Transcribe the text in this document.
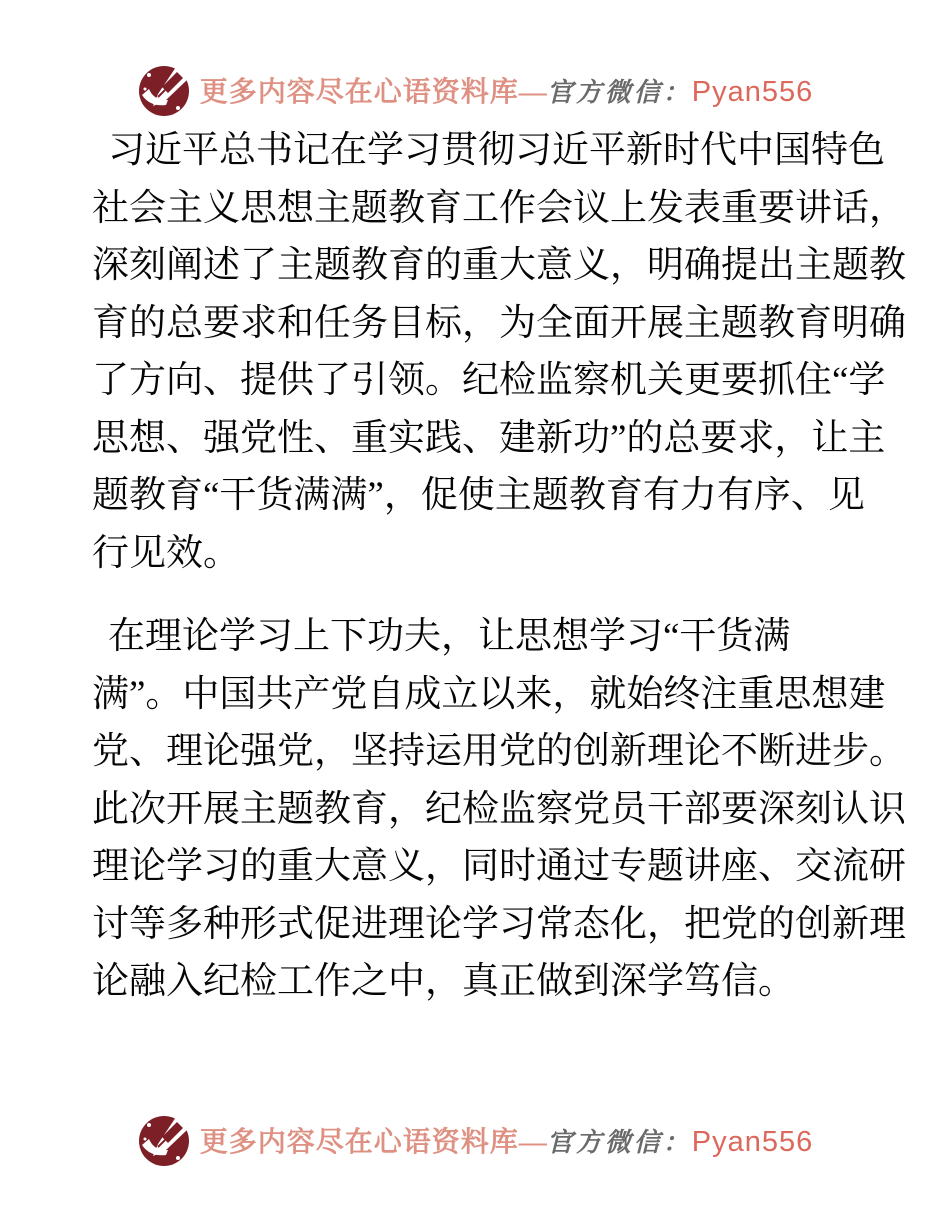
更多内容尽在心语资料库 — 官方微信： Pyan556
习近平总书记在学习贯彻习近平新时代中国特色
社会主义思想主题教育工作会议上发表重要讲话，
深刻阐述了主题教育的重大意义，明确提出主题教
育的总要求和任务目标，为全面开展主题教育明确
了方向、提供了引领。纪检监察机关更要抓住“学
思想、强党性、重实践、建新功”的总要求，让主
题教育“干货满满”，促使主题教育有力有序、见
行见效。
在理论学习上下功夫，让思想学习“干货满
满”。中国共产党自成立以来，就始终注重思想建
党、理论强党，坚持运用党的创新理论不断进步。
此次开展主题教育，纪检监察党员干部要深刻认识
理论学习的重大意义，同时通过专题讲座、交流研
讨等多种形式促进理论学习常态化，把党的创新理
论融入纪检工作之中，真正做到深学笃信。
更多内容尽在心语资料库 — 官方微信： Pyan556
